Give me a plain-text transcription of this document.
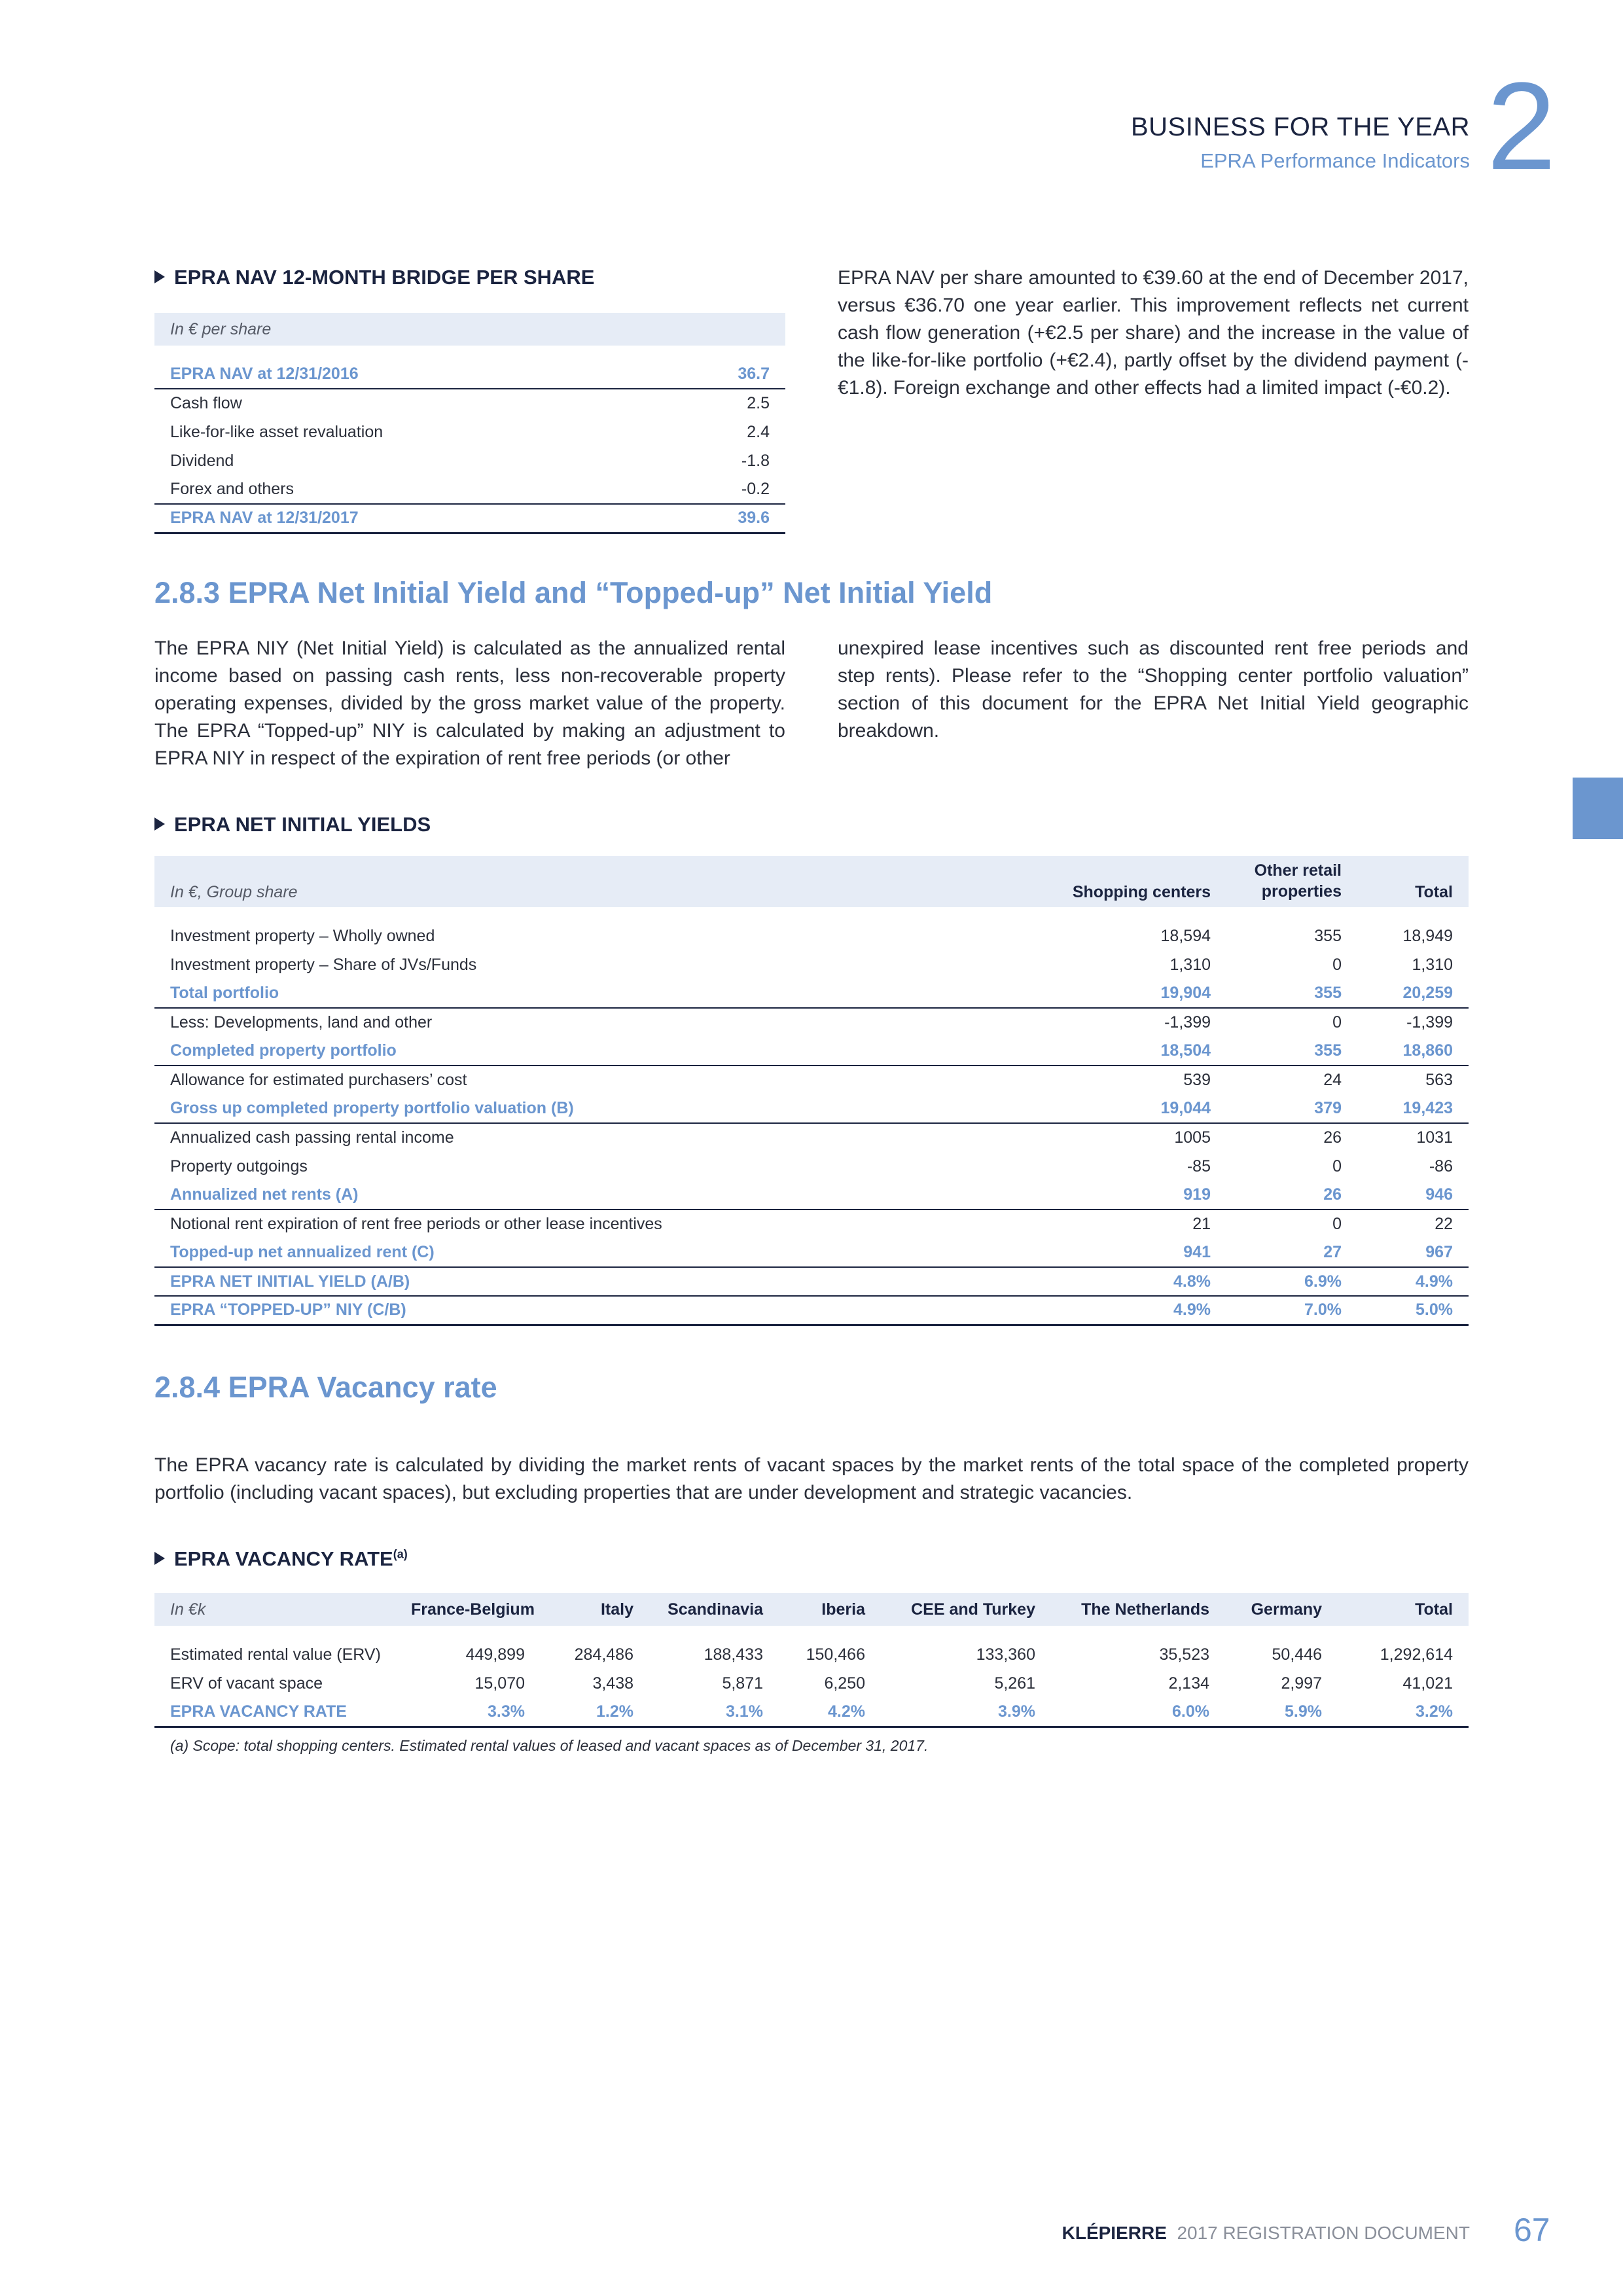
BUSINESS FOR THE YEAR
EPRA Performance Indicators 2
EPRA NAV 12-MONTH BRIDGE PER SHARE
In € per share	

EPRA NAV at 12/31/2016	36.7
Cash flow	2.5
Like-for-like asset revaluation	2.4
Dividend	-1.8
Forex and others	-0.2
EPRA NAV at 12/31/2017	39.6
EPRA NAV per share amounted to €39.60 at the end of December 2017, versus €36.70 one year earlier. This improvement reflects net current cash flow generation (+€2.5 per share) and the increase in the value of the like-for-like portfolio (+€2.4), partly offset by the dividend payment (-€1.8). Foreign exchange and other effects had a limited impact (-€0.2).
2.8.3 EPRA Net Initial Yield and “Topped-up” Net Initial Yield
The EPRA NIY (Net Initial Yield) is calculated as the annualized rental income based on passing cash rents, less non-recoverable property operating expenses, divided by the gross market value of the property. The EPRA “Topped-up” NIY is calculated by making an adjustment to EPRA NIY in respect of the expiration of rent free periods (or other
unexpired lease incentives such as discounted rent free periods and step rents). Please refer to the “Shopping center portfolio valuation” section of this document for the EPRA Net Initial Yield geographic breakdown.
EPRA NET INITIAL YIELDS
In €, Group share	Shopping centers	Other retail
properties	Total

Investment property – Wholly owned	18,594	355	18,949
Investment property – Share of JVs/Funds	1,310	0	1,310
Total portfolio	19,904	355	20,259
Less: Developments, land and other	-1,399	0	-1,399
Completed property portfolio	18,504	355	18,860
Allowance for estimated purchasers’ cost	539	24	563
Gross up completed property portfolio valuation (B)	19,044	379	19,423
Annualized cash passing rental income	1005	26	1031
Property outgoings	-85	0	-86
Annualized net rents (A)	919	26	946
Notional rent expiration of rent free periods or other lease incentives	21	0	22
Topped-up net annualized rent (C)	941	27	967
EPRA NET INITIAL YIELD (A/B)	4.8%	6.9%	4.9%
EPRA “TOPPED-UP” NIY (C/B)	4.9%	7.0%	5.0%
2.8.4 EPRA Vacancy rate
The EPRA vacancy rate is calculated by dividing the market rents of vacant spaces by the market rents of the total space of the completed property portfolio (including vacant spaces), but excluding properties that are under development and strategic vacancies.
EPRA VACANCY RATE$^{(a)}$
In €k	France-Belgium	Italy	Scandinavia	Iberia	CEE and Turkey	The Netherlands	Germany	Total

Estimated rental value (ERV)	449,899	284,486	188,433	150,466	133,360	35,523	50,446	1,292,614
ERV of vacant space	15,070	3,438	5,871	6,250	5,261	2,134	2,997	41,021
EPRA VACANCY RATE	3.3%	1.2%	3.1%	4.2%	3.9%	6.0%	5.9%	3.2%
(a) Scope: total shopping centers. Estimated rental values of leased and vacant spaces as of December 31, 2017.
KLÉPIERRE 2017 REGISTRATION DOCUMENT 67
